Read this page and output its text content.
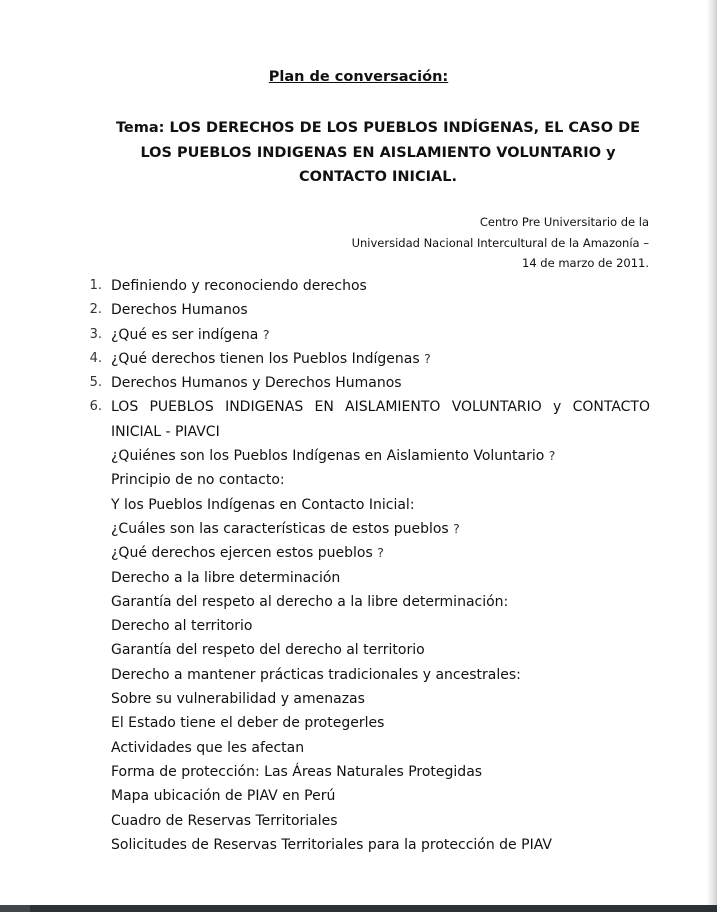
Plan de conversación:
Tema: LOS DERECHOS DE LOS PUEBLOS INDÍGENAS, EL CASO DE
LOS PUEBLOS INDIGENAS EN AISLAMIENTO VOLUNTARIO y
CONTACTO INICIAL.
Centro Pre Universitario de la
Universidad Nacional Intercultural de la Amazonía –
14 de marzo de 2011.
1. Definiendo y reconociendo derechos
2. Derechos Humanos
3. ¿Qué es ser indígena ?
4. ¿Qué derechos tienen los Pueblos Indígenas ?
5. Derechos Humanos y Derechos Humanos
6. LOS PUEBLOS INDIGENAS EN AISLAMIENTO VOLUNTARIO y CONTACTO
INICIAL - PIAVCI
¿Quiénes son los Pueblos Indígenas en Aislamiento Voluntario ?
Principio de no contacto:
Y los Pueblos Indígenas en Contacto Inicial:
¿Cuáles son las características de estos pueblos ?
¿Qué derechos ejercen estos pueblos ?
Derecho a la libre determinación
Garantía del respeto al derecho a la libre determinación:
Derecho al territorio
Garantía del respeto del derecho al territorio
Derecho a mantener prácticas tradicionales y ancestrales:
Sobre su vulnerabilidad y amenazas
El Estado tiene el deber de protegerles
Actividades que les afectan
Forma de protección: Las Áreas Naturales Protegidas
Mapa ubicación de PIAV en Perú
Cuadro de Reservas Territoriales
Solicitudes de Reservas Territoriales para la protección de PIAV
